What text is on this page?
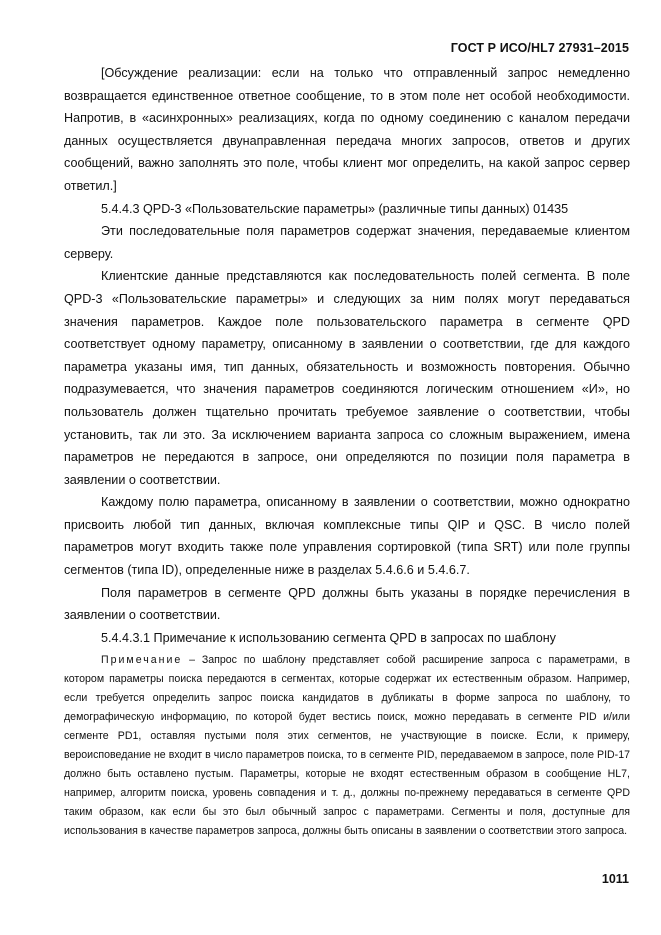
ГОСТ Р ИСО/HL7 27931–2015

[Обсуждение реализации: если на только что отправленный запрос немедленно возвращается единственное ответное сообщение, то в этом поле нет особой необходимости. Напротив, в «асинхронных» реализациях, когда по одному соединению с каналом передачи данных осуществляется двунаправленная передача многих запросов, ответов и других сообщений, важно заполнять это поле, чтобы клиент мог определить, на какой запрос сервер ответил.]

5.4.4.3 QPD-3 «Пользовательские параметры» (различные типы данных) 01435

Эти последовательные поля параметров содержат значения, передаваемые клиентом серверу.

Клиентские данные представляются как последовательность полей сегмента. В поле QPD-3 «Пользовательские параметры» и следующих за ним полях могут передаваться значения параметров. Каждое поле пользовательского параметра в сегменте QPD соответствует одному параметру, описанному в заявлении о соответствии, где для каждого параметра указаны имя, тип данных, обязательность и возможность повторения. Обычно подразумевается, что значения параметров соединяются логическим отношением «И», но пользователь должен тщательно прочитать требуемое заявление о соответствии, чтобы установить, так ли это. За исключением варианта запроса со сложным выражением, имена параметров не передаются в запросе, они определяются по позиции поля параметра в заявлении о соответствии.

Каждому полю параметра, описанному в заявлении о соответствии, можно однократно присвоить любой тип данных, включая комплексные типы QIP и QSC. В число полей параметров могут входить также поле управления сортировкой (типа SRT) или поле группы сегментов (типа ID), определенные ниже в разделах 5.4.6.6 и 5.4.6.7.

Поля параметров в сегменте QPD должны быть указаны в порядке перечисления в заявлении о соответствии.

5.4.4.3.1 Примечание к использованию сегмента QPD в запросах по шаблону

Примечание – Запрос по шаблону представляет собой расширение запроса с параметрами, в котором параметры поиска передаются в сегментах, которые содержат их естественным образом. Например, если требуется определить запрос поиска кандидатов в дубликаты в форме запроса по шаблону, то демографическую информацию, по которой будет вестись поиск, можно передавать в сегменте PID и/или сегменте PD1, оставляя пустыми поля этих сегментов, не участвующие в поиске. Если, к примеру, вероисповедание не входит в число параметров поиска, то в сегменте PID, передаваемом в запросе, поле PID-17 должно быть оставлено пустым. Параметры, которые не входят естественным образом в сообщение HL7, например, алгоритм поиска, уровень совпадения и т. д., должны по-прежнему передаваться в сегменте QPD таким образом, как если бы это был обычный запрос с параметрами. Сегменты и поля, доступные для использования в качестве параметров запроса, должны быть описаны в заявлении о соответствии этого запроса.

1011
